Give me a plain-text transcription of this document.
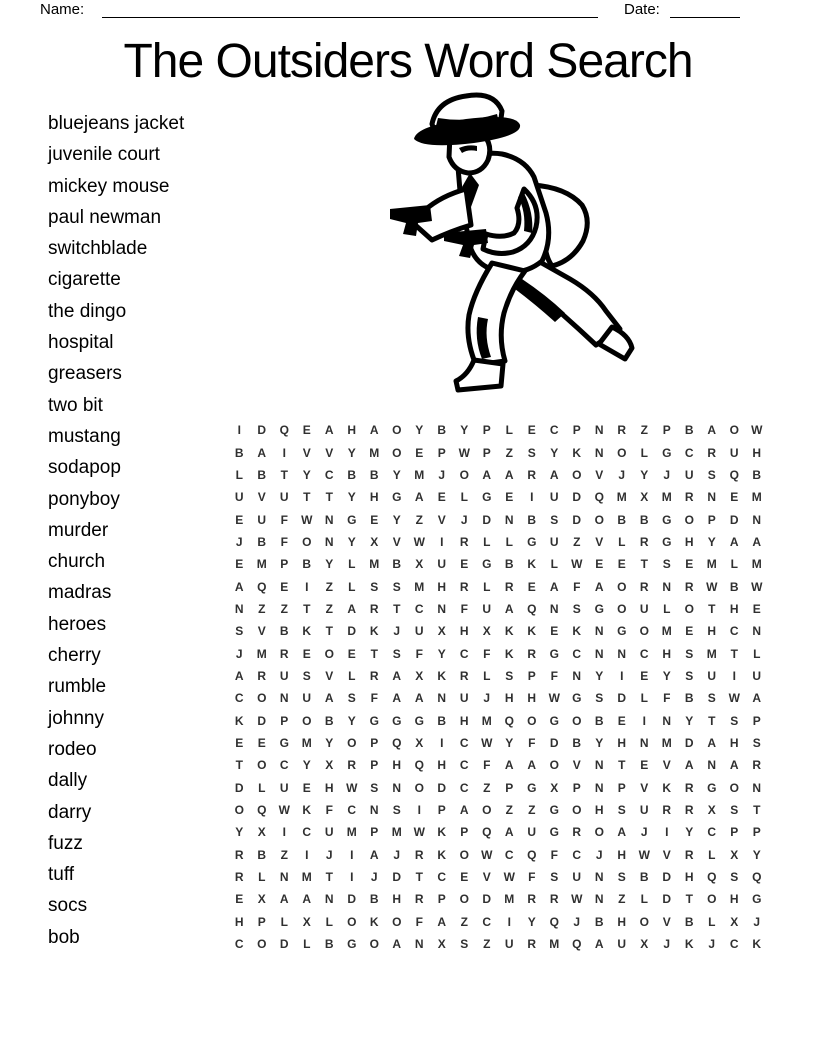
Name:	Date:
The Outsiders Word Search
bluejeans jacket
juvenile court
mickey mouse
paul newman
switchblade
cigarette
the dingo
hospital
greasers
two bit
mustang
sodapop
ponyboy
murder
church
madras
heroes
cherry
rumble
johnny
rodeo
dally
darry
fuzz
tuff
socs
bob
I	D	Q	E	A	H	A	O	Y	B	Y	P	L	E	C	P	N	R	Z	P	B	A	O	W
B	A	I	V	V	Y	M	O	E	P	W	P	Z	S	Y	K	N	O	L	G	C	R	U	H
L	B	T	Y	C	B	B	Y	M	J	O	A	A	R	A	O	V	J	Y	J	U	S	Q	B
U	V	U	T	T	Y	H	G	A	E	L	G	E	I	U	D	Q	M	X	M	R	N	E	M
E	U	F	W	N	G	E	Y	Z	V	J	D	N	B	S	D	O	B	B	G	O	P	D	N
J	B	F	O	N	Y	X	V	W	I	R	L	L	G	U	Z	V	L	R	G	H	Y	A	A
E	M	P	B	Y	L	M	B	X	U	E	G	B	K	L	W	E	E	T	S	E	M	L	M
A	Q	E	I	Z	L	S	S	M	H	R	L	R	E	A	F	A	O	R	N	R	W	B	W
N	Z	Z	T	Z	A	R	T	C	N	F	U	A	Q	N	S	G	O	U	L	O	T	H	E
S	V	B	K	T	D	K	J	U	X	H	X	K	K	E	K	N	G	O	M	E	H	C	N
J	M	R	E	O	E	T	S	F	Y	C	F	K	R	G	C	N	N	C	H	S	M	T	L
A	R	U	S	V	L	R	A	X	K	R	L	S	P	F	N	Y	I	E	Y	S	U	I	U
C	O	N	U	A	S	F	A	A	N	U	J	H	H	W	G	S	D	L	F	B	S	W	A
K	D	P	O	B	Y	G	G	G	B	H	M	Q	O	G	O	B	E	I	N	Y	T	S	P
E	E	G	M	Y	O	P	Q	X	I	C	W	Y	F	D	B	Y	H	N	M	D	A	H	S
T	O	C	Y	X	R	P	H	Q	H	C	F	A	A	O	V	N	T	E	V	A	N	A	R
D	L	U	E	H	W	S	N	O	D	C	Z	P	G	X	P	N	P	V	K	R	G	O	N
O	Q	W	K	F	C	N	S	I	P	A	O	Z	Z	G	O	H	S	U	R	R	X	S	T
Y	X	I	C	U	M	P	M W	K	P	Q	A	U	G	R	O	A	J	I	Y	C	P	P
R	B	Z	I	J	I	A	J	R	K	O	W	C	Q	F	C	J	H	W	V	R	L	X	Y
R	L	N	M	T	I	J	D	T	C	E	V	W	F	S	U	N	S	B	D	H	Q	S	Q
E	X	A	A	N	D	B	H	R	P	O	D	M	R	R	W	N	Z	L	D	T	O	H	G
H	P	L	X	L	O	K	O	F	A	Z	C	I	Y	Q	J	B	H	O	V	B	L	X	J
C	O	D	L	B	G	O	A	N	X	S	Z	U	R	M	Q	A	U	X	J	K	J	C	K
